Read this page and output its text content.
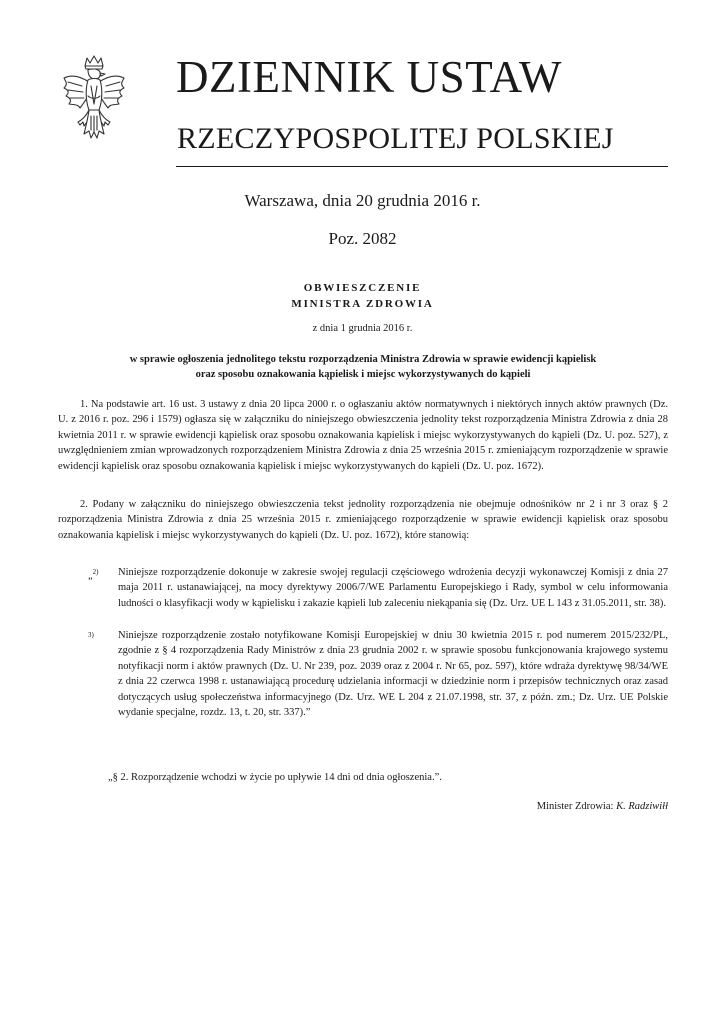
DZIENNIK USTAW
RZECZYPOSPOLITEJ POLSKIEJ
Warszawa, dnia 20 grudnia 2016 r.
Poz. 2082
OBWIESZCZENIE
MINISTRA ZDROWIA
z dnia 1 grudnia 2016 r.
w sprawie ogłoszenia jednolitego tekstu rozporządzenia Ministra Zdrowia w sprawie ewidencji kąpielisk
oraz sposobu oznakowania kąpielisk i miejsc wykorzystywanych do kąpieli
1. Na podstawie art. 16 ust. 3 ustawy z dnia 20 lipca 2000 r. o ogłaszaniu aktów normatywnych i niektórych innych aktów prawnych (Dz. U. z 2016 r. poz. 296 i 1579) ogłasza się w załączniku do niniejszego obwieszczenia jednolity tekst rozporządzenia Ministra Zdrowia z dnia 28 kwietnia 2011 r. w sprawie ewidencji kąpielisk oraz sposobu oznakowania kąpielisk i miejsc wykorzystywanych do kąpieli (Dz. U. poz. 527), z uwzględnieniem zmian wprowadzonych rozporządzeniem Ministra Zdrowia z dnia 25 września 2015 r. zmieniającym rozporządzenie w sprawie ewidencji kąpielisk oraz sposobu oznakowania kąpielisk i miejsc wykorzystywanych do kąpieli (Dz. U. poz. 1672).
2. Podany w załączniku do niniejszego obwieszczenia tekst jednolity rozporządzenia nie obejmuje odnośników nr 2 i nr 3 oraz § 2 rozporządzenia Ministra Zdrowia z dnia 25 września 2015 r. zmieniającego rozporządzenie w sprawie ewidencji kąpielisk oraz sposobu oznakowania kąpielisk i miejsc wykorzystywanych do kąpieli (Dz. U. poz. 1672), które stanowią:
„$^{2)}$ Niniejsze rozporządzenie dokonuje w zakresie swojej regulacji częściowego wdrożenia decyzji wykonawczej Komisji z dnia 27 maja 2011 r. ustanawiającej, na mocy dyrektywy 2006/7/WE Parlamentu Europejskiego i Rady, symbol w celu informowania ludności o klasyfikacji wody w kąpielisku i zakazie kąpieli lub zaleceniu niekąpania się (Dz. Urz. UE L 143 z 31.05.2011, str. 38).
$^{3)}$ Niniejsze rozporządzenie zostało notyfikowane Komisji Europejskiej w dniu 30 kwietnia 2015 r. pod numerem 2015/232/PL, zgodnie z § 4 rozporządzenia Rady Ministrów z dnia 23 grudnia 2002 r. w sprawie sposobu funkcjonowania krajowego systemu notyfikacji norm i aktów prawnych (Dz. U. Nr 239, poz. 2039 oraz z 2004 r. Nr 65, poz. 597), które wdraża dyrektywę 98/34/WE z dnia 22 czerwca 1998 r. ustanawiającą procedurę udzielania informacji w dziedzinie norm i przepisów technicznych oraz zasad dotyczących usług społeczeństwa informacyjnego (Dz. Urz. WE L 204 z 21.07.1998, str. 37, z późn. zm.; Dz. Urz. UE Polskie wydanie specjalne, rozdz. 13, t. 20, str. 337).”
„§ 2. Rozporządzenie wchodzi w życie po upływie 14 dni od dnia ogłoszenia.”.
Minister Zdrowia: K. Radziwiłł
